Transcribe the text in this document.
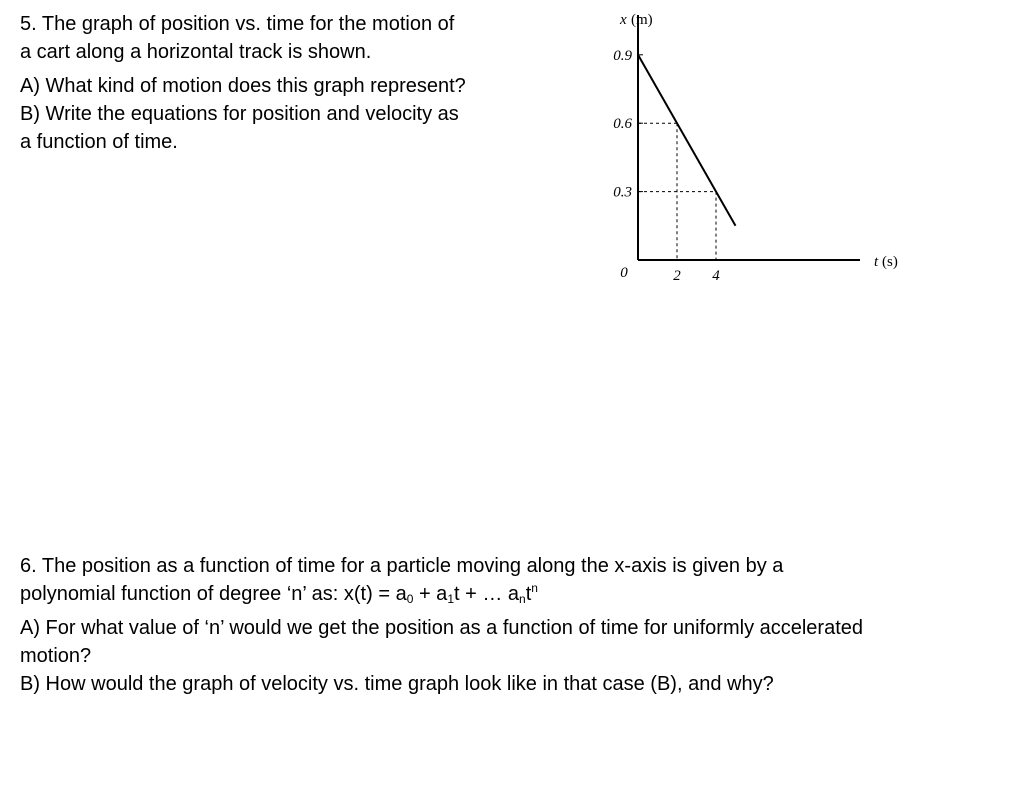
5. The graph of position vs. time for the motion of

a cart along a horizontal track is shown.

A) What kind of motion does this graph represent?

B) Write the equations for position and velocity as

a function of time.

x (m)
t (s)
0.9
0.6
0.3
2 4
0

6. The position as a function of time for a particle moving along the x-axis is given by a

polynomial function of degree ‘n’ as: $x(t) = a_0 + a_1t$ + … $a_nt^n$

A) For what value of ‘n’ would we get the position as a function of time for uniformly accelerated

motion?

B) How would the graph of velocity vs. time graph look like in that case (B), and why?
